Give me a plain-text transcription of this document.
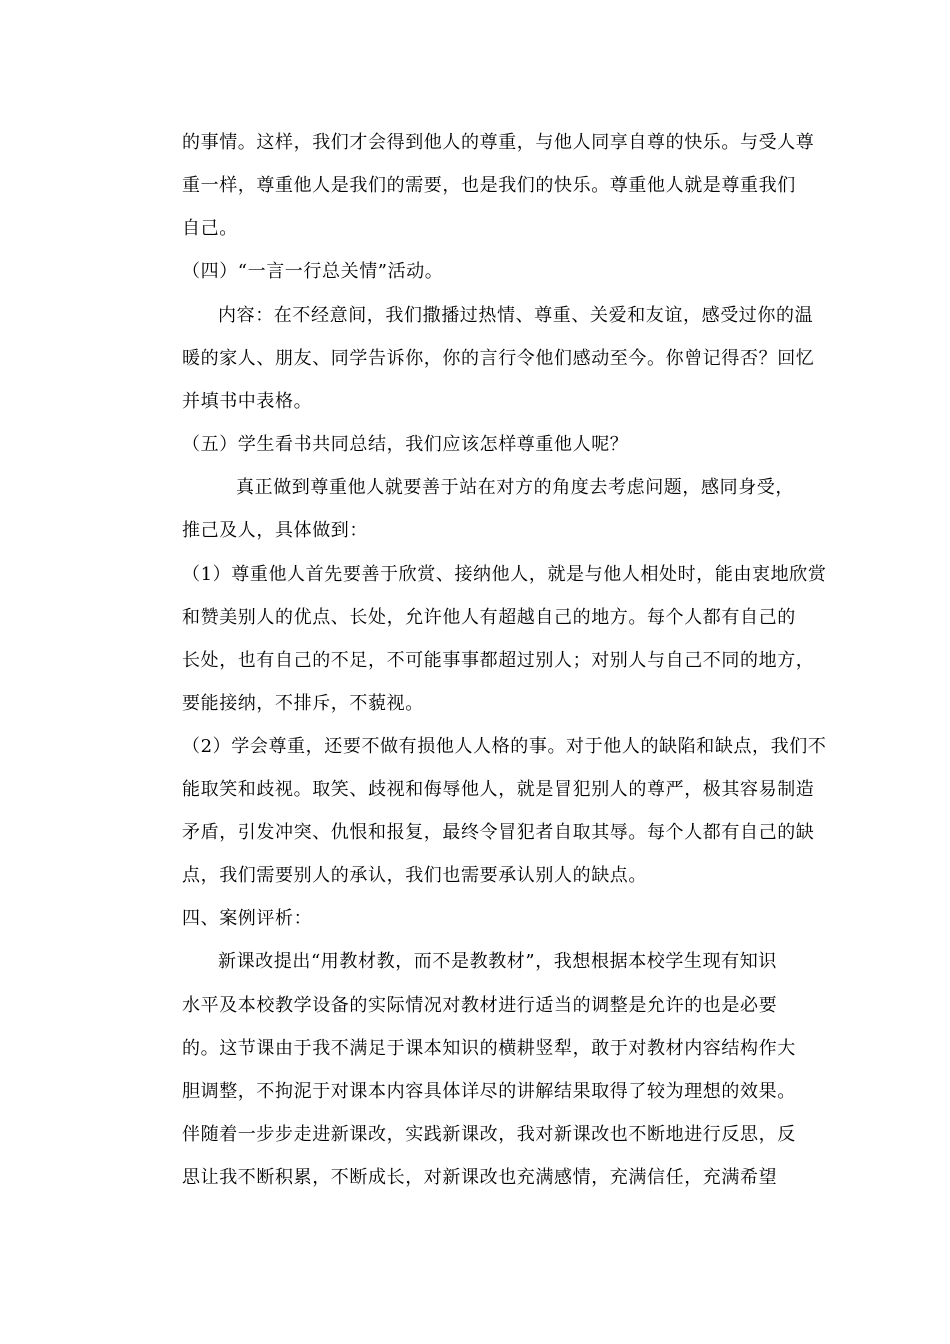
的事情。这样，我们才会得到他人的尊重，与他人同享自尊的快乐。与受人尊
重一样，尊重他人是我们的需要，也是我们的快乐。尊重他人就是尊重我们
自己。
（四）“一言一行总关情”活动。
内容：在不经意间，我们撒播过热情、尊重、关爱和友谊，感受过你的温
暖的家人、朋友、同学告诉你，你的言行令他们感动至今。你曾记得否？回忆
并填书中表格。
（五）学生看书共同总结，我们应该怎样尊重他人呢？
真正做到尊重他人就要善于站在对方的角度去考虑问题，感同身受，
推己及人，具体做到：
（1）尊重他人首先要善于欣赏、接纳他人，就是与他人相处时，能由衷地欣赏
和赞美别人的优点、长处，允许他人有超越自己的地方。每个人都有自己的
长处，也有自己的不足，不可能事事都超过别人；对别人与自己不同的地方，
要能接纳，不排斥，不藐视。
（2）学会尊重，还要不做有损他人人格的事。对于他人的缺陷和缺点，我们不
能取笑和歧视。取笑、歧视和侮辱他人，就是冒犯别人的尊严，极其容易制造
矛盾，引发冲突、仇恨和报复，最终令冒犯者自取其辱。每个人都有自己的缺
点，我们需要别人的承认，我们也需要承认别人的缺点。
四、案例评析：
新课改提出“用教材教，而不是教教材”，我想根据本校学生现有知识
水平及本校教学设备的实际情况对教材进行适当的调整是允许的也是必要
的。这节课由于我不满足于课本知识的横耕竖犁，敢于对教材内容结构作大
胆调整，不拘泥于对课本内容具体详尽的讲解结果取得了较为理想的效果。
伴随着一步步走进新课改，实践新课改，我对新课改也不断地进行反思，反
思让我不断积累，不断成长，对新课改也充满感情，充满信任，充满希望
